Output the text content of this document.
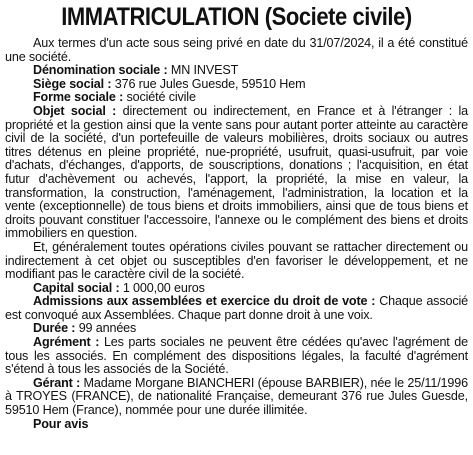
IMMATRICULATION (Societe civile)

Aux termes d'un acte sous seing privé en date du 31/07/2024, il a été constitué une société.

Dénomination sociale : MN INVEST

Siège social : 376 rue Jules Guesde, 59510 Hem

Forme sociale : société civile

Objet social : directement ou indirectement, en France et à l'étranger : la propriété et la gestion ainsi que la vente sans pour autant porter atteinte au caractère civil de la société, d'un portefeuille de valeurs mobilières, droits sociaux ou autres titres détenus en pleine propriété, nue-propriété, usufruit, quasi-usufruit, par voie d'achats, d'échanges, d'apports, de souscriptions, donations ; l'acquisition, en état futur d'achèvement ou achevés, l'apport, la propriété, la mise en valeur, la transformation, la construction, l'aménagement, l'administration, la location et la vente (exceptionnelle) de tous biens et droits immobiliers, ainsi que de tous biens et droits pouvant constituer l'accessoire, l'annexe ou le complément des biens et droits immobiliers en question.

Et, généralement toutes opérations civiles pouvant se rattacher directement ou indirectement à cet objet ou susceptibles d'en favoriser le développement, et ne modifiant pas le caractère civil de la société.

Capital social : 1 000,00 euros

Admissions aux assemblées et exercice du droit de vote : Chaque associé est convoqué aux Assemblées. Chaque part donne droit à une voix.

Durée : 99 années

Agrément : Les parts sociales ne peuvent être cédées qu'avec l'agrément de tous les associés. En complément des dispositions légales, la faculté d'agrément s'étend à tous les associés de la Société.

Gérant : Madame Morgane BIANCHERI (épouse BARBIER), née le 25/11/1996 à TROYES (FRANCE), de nationalité Française, demeurant 376 rue Jules Guesde, 59510 Hem (France), nommée pour une durée illimitée.

Pour avis
